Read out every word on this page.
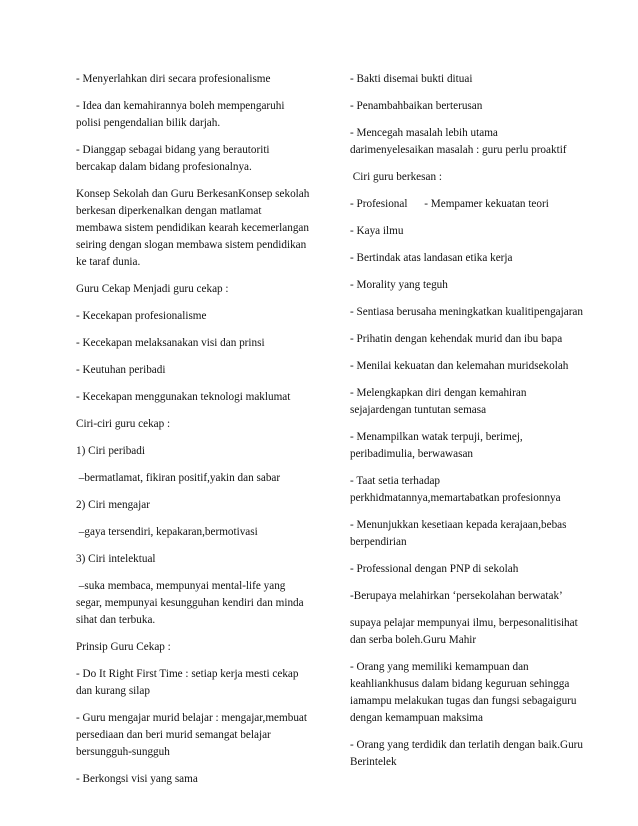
- Menyerlahkan diri secara profesionalisme

- Idea dan kemahirannya boleh mempengaruhi
polisi pengendalian bilik darjah.

- Dianggap sebagai bidang yang berautoriti
bercakap dalam bidang profesionalnya.

Konsep Sekolah dan Guru BerkesanKonsep sekolah
berkesan diperkenalkan dengan matlamat
membawa sistem pendidikan kearah kecemerlangan
seiring dengan slogan membawa sistem pendidikan
ke taraf dunia.

Guru Cekap Menjadi guru cekap :

- Kecekapan profesionalisme

- Kecekapan melaksanakan visi dan prinsi

- Keutuhan peribadi

- Kecekapan menggunakan teknologi maklumat

Ciri-ciri guru cekap :

1) Ciri peribadi

–bermatlamat, fikiran positif,yakin dan sabar

2) Ciri mengajar

–gaya tersendiri, kepakaran,bermotivasi

3) Ciri intelektual

–suka membaca, mempunyai mental-life yang
segar, mempunyai kesungguhan kendiri dan minda
sihat dan terbuka.

Prinsip Guru Cekap :

- Do It Right First Time : setiap kerja mesti cekap
dan kurang silap

- Guru mengajar murid belajar : mengajar,membuat
persediaan dan beri murid semangat belajar
bersungguh-sungguh

- Berkongsi visi yang sama

- Bakti disemai bukti dituai

- Penambahbaikan berterusan

- Mencegah masalah lebih utama
darimenyelesaikan masalah : guru perlu proaktif

Ciri guru berkesan :

- Profesional      - Mempamer kekuatan teori

- Kaya ilmu

- Bertindak atas landasan etika kerja

- Morality yang teguh

- Sentiasa berusaha meningkatkan kualitipengajaran

- Prihatin dengan kehendak murid dan ibu bapa

- Menilai kekuatan dan kelemahan muridsekolah

- Melengkapkan diri dengan kemahiran
sejajardengan tuntutan semasa

- Menampilkan watak terpuji, berimej,
peribadimulia, berwawasan

- Taat setia terhadap
perkhidmatannya,memartabatkan profesionnya

- Menunjukkan kesetiaan kepada kerajaan,bebas
berpendirian

- Professional dengan PNP di sekolah

-Berupaya melahirkan ‘persekolahan berwatak’

supaya pelajar mempunyai ilmu, berpesonalitisihat
dan serba boleh.Guru Mahir

- Orang yang memiliki kemampuan dan
keahliankhusus dalam bidang keguruan sehingga
iamampu melakukan tugas dan fungsi sebagaiguru
dengan kemampuan maksima

- Orang yang terdidik dan terlatih dengan baik.Guru
Berintelek
